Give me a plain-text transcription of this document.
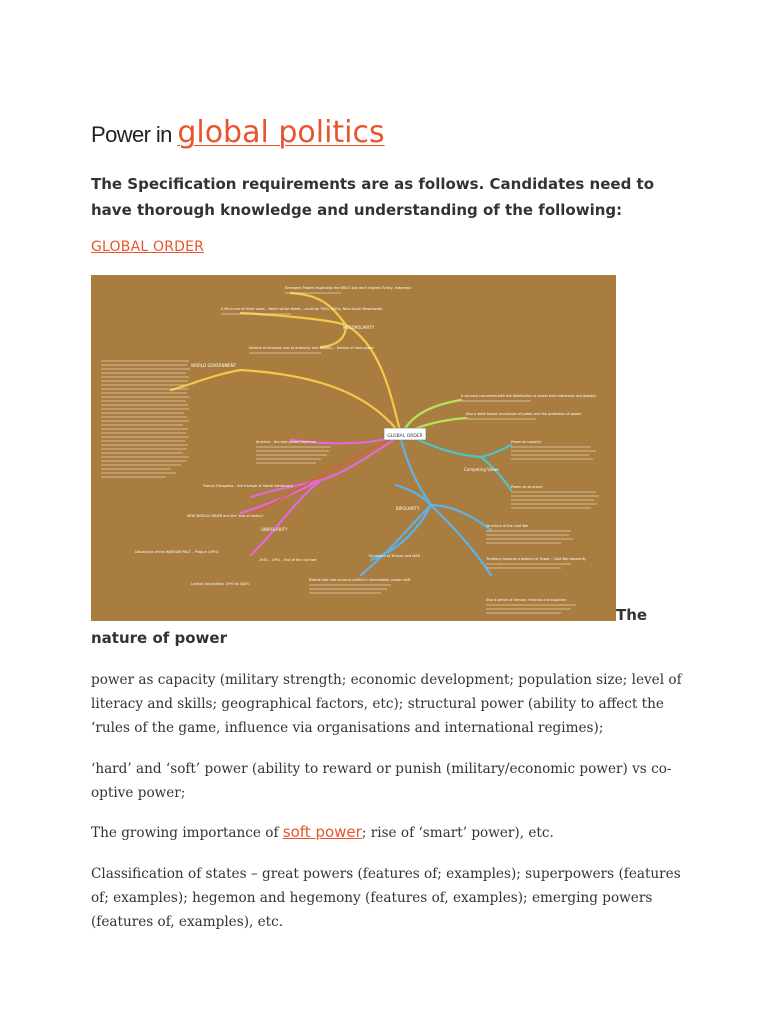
Power in global politics

The Specification requirements are as follows. Candidates need to have thorough knowledge and understanding of the following:

GLOBAL ORDER
GLOBAL ORDER
MULTIPOLARITY
WORLD GOVERNMENT
Competing Views
UNIPOLARITY
BIPOLARITY
Emergent Powers especially the BRICS but don't neglect Turkey, Indonesia
A Minimum of three poles – Need not be states – could be TNCs, NGOs, New Social Movements
Decline of America: loss of authority and stability – Decline of hard power
A concept concerned with the distribution of power both nationally and globally
Also a state based conception of power and the protection of power
Power as capacity
Power as structure
America – the new global hegemon
Francis Fukuyama – the triumph of liberal democracy
NEW WORLD ORDER and the "end of history"
Dissolution of the WARSAW PACT – Prague (1991)
1945 – 1991 – End of the cold war
London Declaration 1990 by NATO
Structure of the cold War
Tendency towards a balance of Power – Cold War bipolarity
Also a period of tension, mistrust and suspicion
Dynamics of Tension and MAD
Realist take into account conflict in formulation; power shift

The

nature of power

power as capacity (military strength; economic development; population size; level of literacy and skills; geographical factors, etc); structural power (ability to affect the ‘rules of the game, influence via organisations and international regimes);

‘hard’ and ‘soft’ power (ability to reward or punish (military/economic power) vs co-optive power;

The growing importance of soft power; rise of ‘smart’ power), etc.

Classification of states – great powers (features of; examples); superpowers (features of; examples); hegemon and hegemony (features of, examples); emerging powers (features of, examples), etc.
